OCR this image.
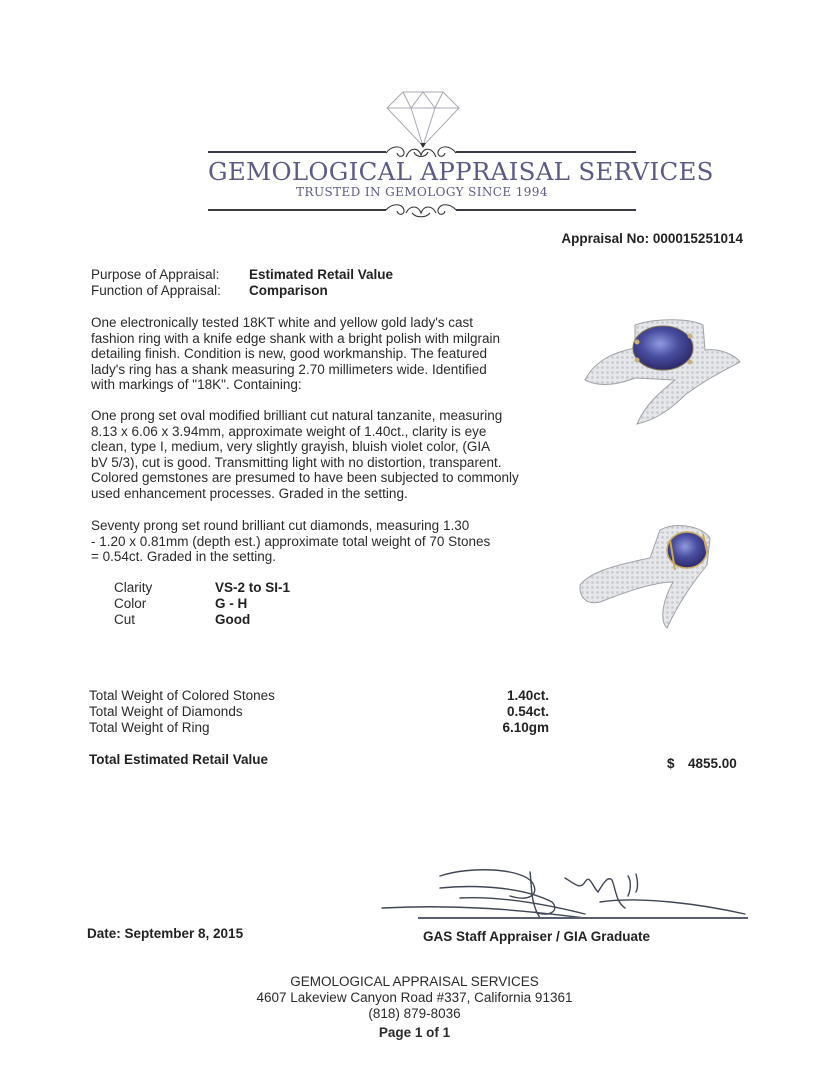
GEMOLOGICAL APPRAISAL SERVICES
TRUSTED IN GEMOLOGY SINCE 1994
Appraisal No: 000015251014
Purpose of Appraisal: Estimated Retail Value
Function of Appraisal: Comparison
One electronically tested 18KT white and yellow gold lady's cast
fashion ring with a knife edge shank with a bright polish with milgrain
detailing finish. Condition is new, good workmanship. The featured
lady's ring has a shank measuring 2.70 millimeters wide. Identified
with markings of "18K". Containing:
One prong set oval modified brilliant cut natural tanzanite, measuring
8.13 x 6.06 x 3.94mm, approximate weight of 1.40ct., clarity is eye
clean, type I, medium, very slightly grayish, bluish violet color, (GIA
bV 5/3), cut is good. Transmitting light with no distortion, transparent.
Colored gemstones are presumed to have been subjected to commonly
used enhancement processes. Graded in the setting.
Seventy prong set round brilliant cut diamonds, measuring 1.30
- 1.20 x 0.81mm (depth est.) approximate total weight of 70 Stones
= 0.54ct. Graded in the setting.
Clarity	VS-2 to SI-1
Color	G - H
Cut	Good
Total Weight of Colored Stones	1.40ct.
Total Weight of Diamonds	0.54ct.
Total Weight of Ring	6.10gm
Total Estimated Retail Value	$ 4855.00
GAS Staff Appraiser / GIA Graduate
Date: September 8, 2015
GEMOLOGICAL APPRAISAL SERVICES
4607 Lakeview Canyon Road #337, California 91361
(818) 879-8036
Page 1 of 1
